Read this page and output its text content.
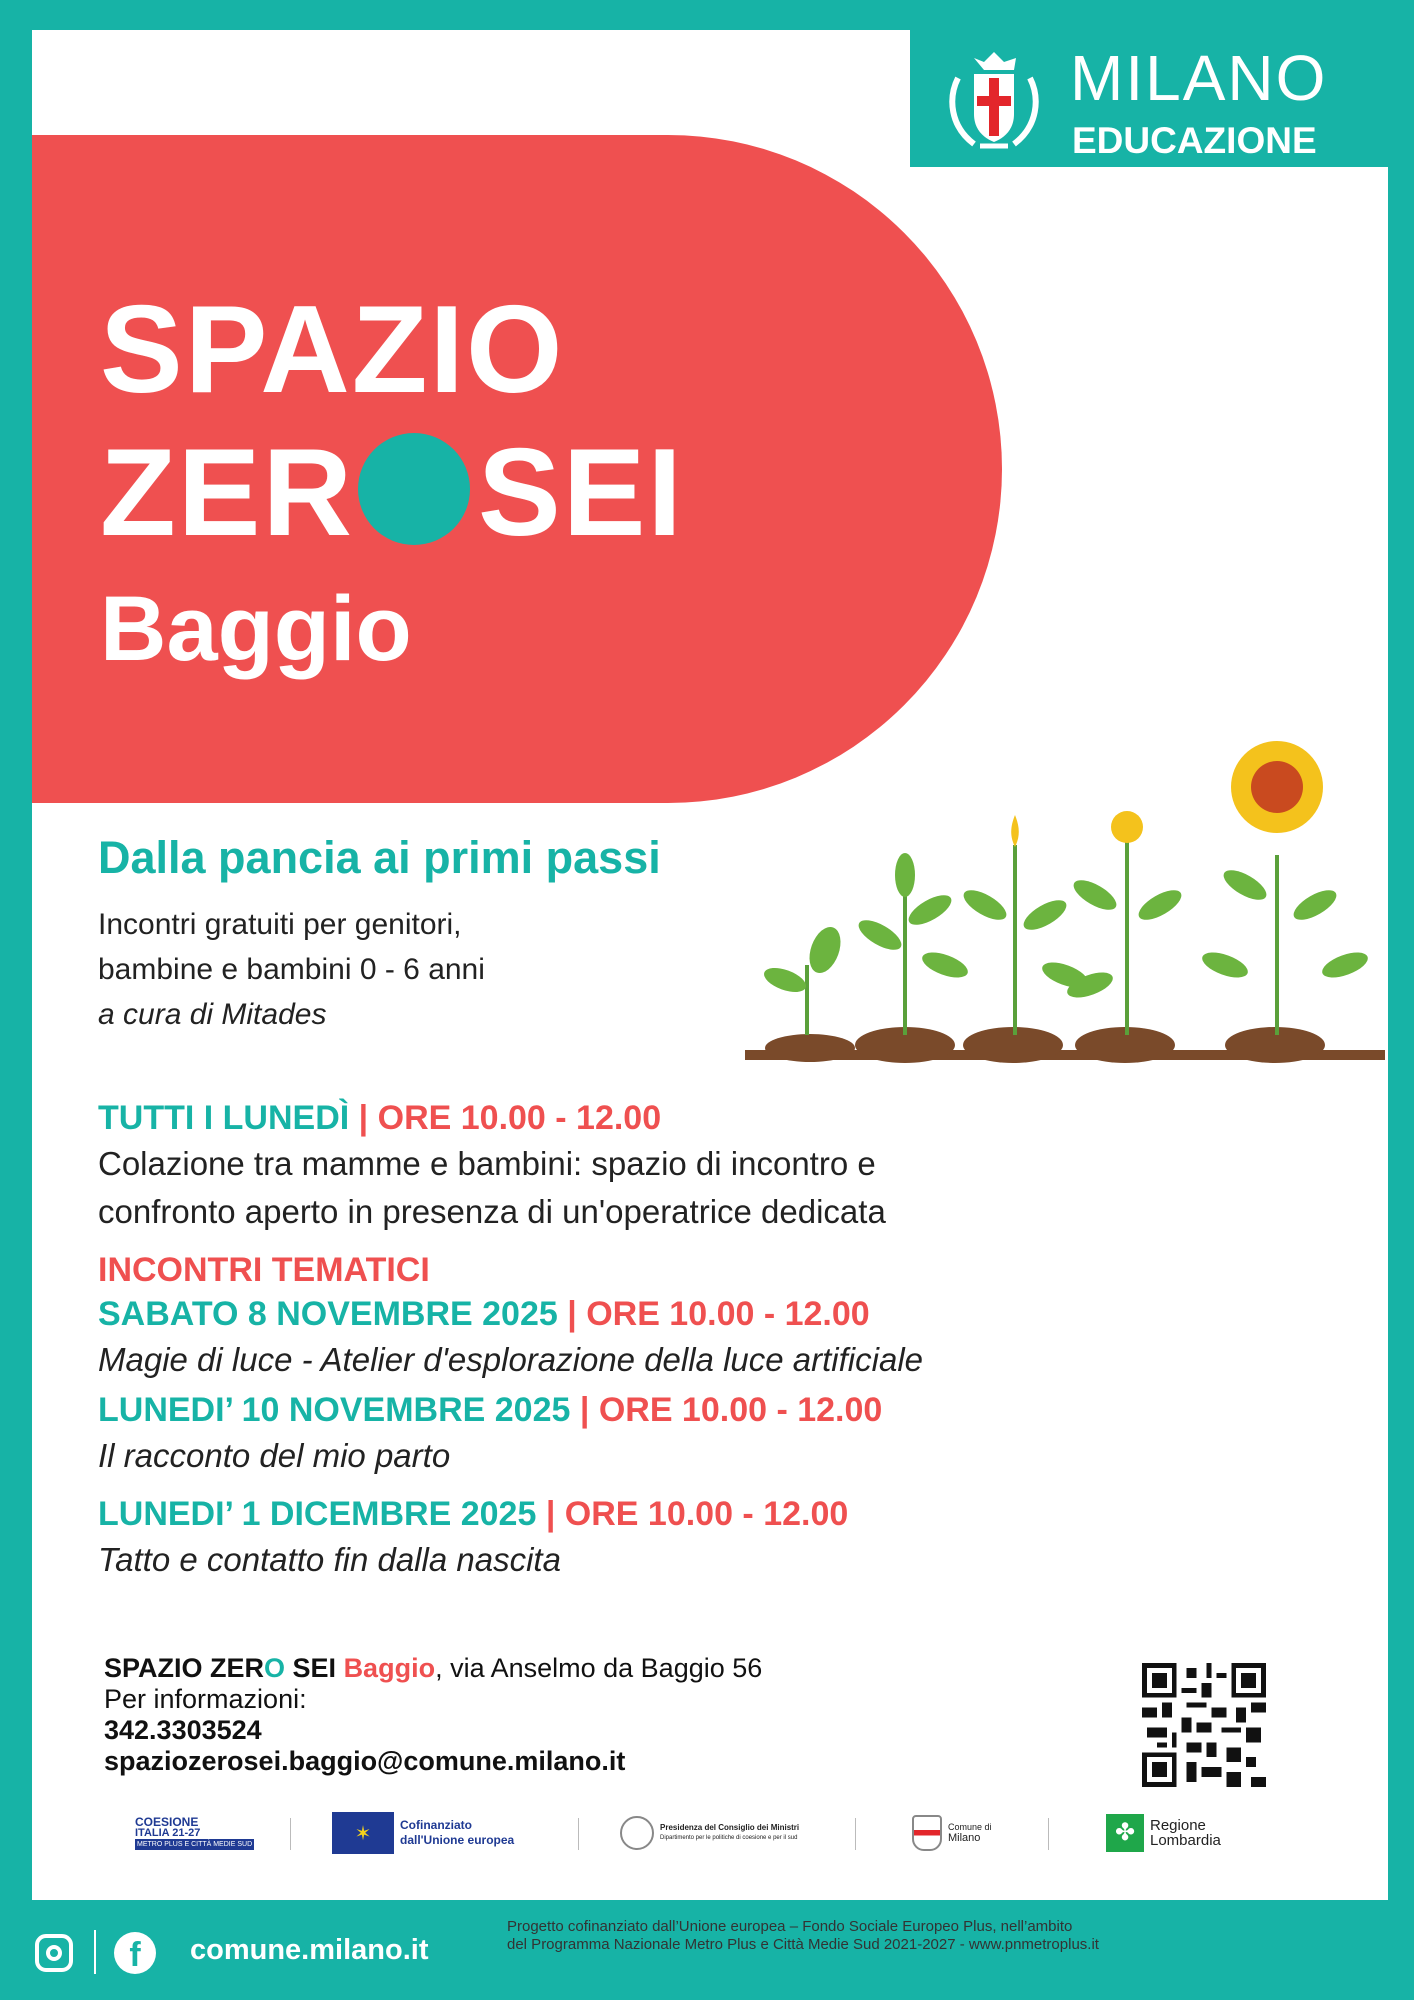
MILANO
EDUCAZIONE
SPAZIO
ZER SEI
Baggio
Dalla pancia ai primi passi
Incontri gratuiti per genitori,
bambine e bambini 0 - 6 anni
a cura di Mitades
TUTTI I LUNEDÌ | ORE 10.00 - 12.00
Colazione tra mamme e bambini: spazio di incontro e
confronto aperto in presenza di un'operatrice dedicata
INCONTRI TEMATICI
SABATO 8 NOVEMBRE 2025 | ORE 10.00 - 12.00
Magie di luce - Atelier d'esplorazione della luce artificiale
LUNEDI’ 10 NOVEMBRE 2025 | ORE 10.00 - 12.00
Il racconto del mio parto
LUNEDI’ 1 DICEMBRE 2025 | ORE 10.00 - 12.00
Tatto e contatto fin dalla nascita
SPAZIO ZERO SEI Baggio, via Anselmo da Baggio 56
Per informazioni:
342.3303524
spaziozerosei.baggio@comune.milano.it
COESIONE
ITALIA 21-27
METRO PLUS E CITTÀ MEDIE SUD	✶	Cofinanziato
dall'Unione europea
Presidenza del Consiglio dei Ministri
Dipartimento per le politiche di coesione e per il sud
Comune di
Milano	✤ Regione
Lombardia
f	comune.milano.it
Progetto cofinanziato dall’Unione europea – Fondo Sociale Europeo Plus, nell’ambito
del Programma Nazionale Metro Plus e Città Medie Sud 2021-2027 - www.pnmetroplus.it
